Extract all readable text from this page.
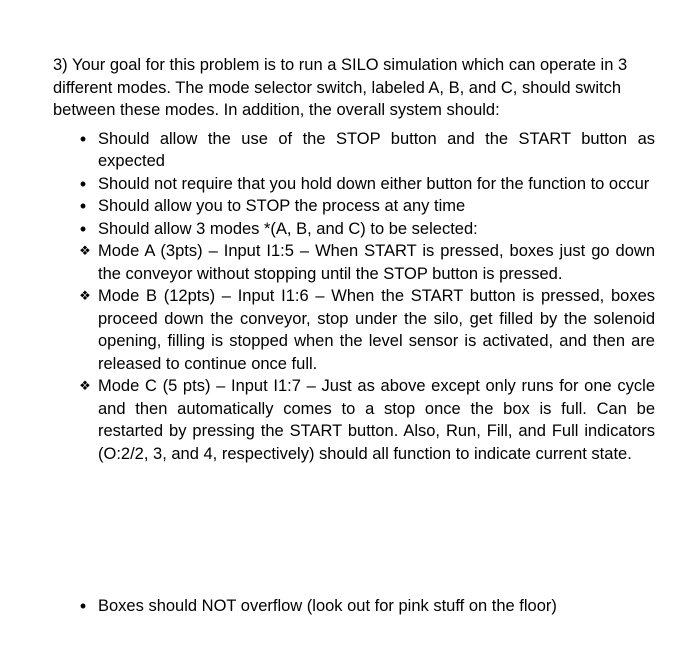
3) Your goal for this problem is to run a SILO simulation which can operate in 3 different modes. The mode selector switch, labeled A, B, and C, should switch between these modes. In addition, the overall system should:

• Should allow the use of the STOP button and the START button as expected
• Should not require that you hold down either button for the function to occur
• Should allow you to STOP the process at any time
• Should allow 3 modes *(A, B, and C) to be selected:
❖ Mode A (3pts) – Input I1:5 – When START is pressed, boxes just go down the conveyor without stopping until the STOP button is pressed.
❖ Mode B (12pts) – Input I1:6 – When the START button is pressed, boxes proceed down the conveyor, stop under the silo, get filled by the solenoid opening, filling is stopped when the level sensor is activated, and then are released to continue once full.
❖ Mode C (5 pts) – Input I1:7 – Just as above except only runs for one cycle and then automatically comes to a stop once the box is full. Can be restarted by pressing the START button. Also, Run, Fill, and Full indicators (O:2/2, 3, and 4, respectively) should all function to indicate current state.
• Boxes should NOT overflow (look out for pink stuff on the floor)
